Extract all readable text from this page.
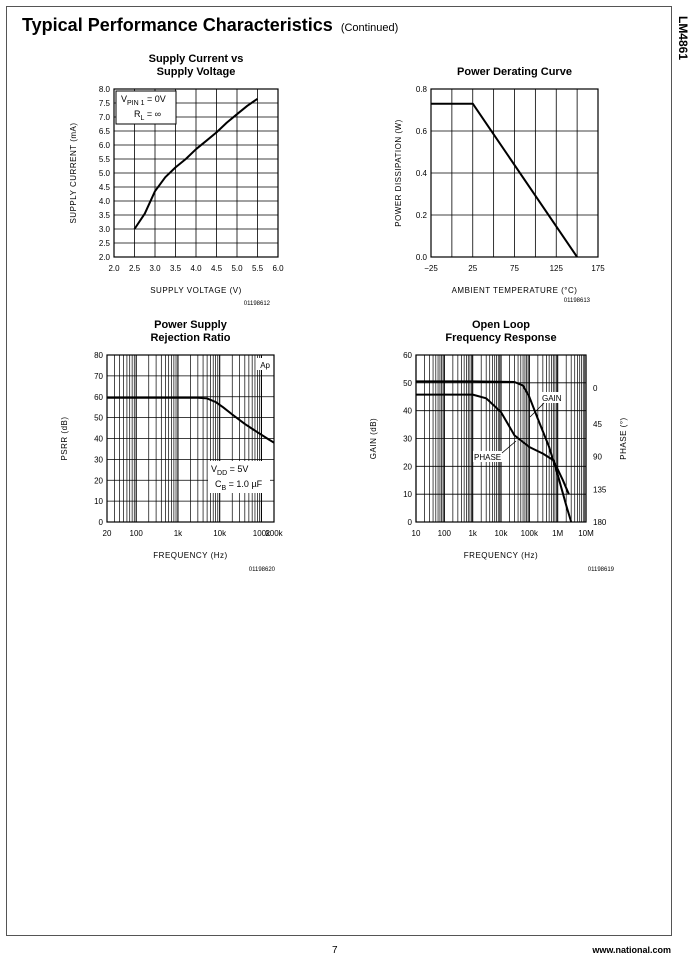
LM4861
Typical Performance Characteristics (Continued)
Supply Current vs
Supply Voltage
2.0
2.5
3.0
3.5
4.0
4.5
5.0
5.5
6.0
6.5
7.0
7.5
8.0
2.0 2.5 3.0 3.5 4.0 4.5 5.0 5.5 6.0
SUPPLY VOLTAGE (V)
SUPPLY CURRENT (mA)
01198612
$V_{PIN 1} = 0V$
$R_L$ = ∞
Power Derating Curve
0.0
0.2
0.4
0.6
0.8
−25	25	75	125	175
AMBIENT TEMPERATURE (°C)
POWER DISSIPATION (W)
01198613
Power Supply
Rejection Ratio
0
10
20
30
40
50
60
70
80
20 100	1k	10k	100k
200k
FREQUENCY (Hz)
PSRR (dB)
01198620
Ap
$V_{DD} = 5V$
$C_B = 1.0$ µF
Open Loop
Frequency Response
0
10
20
30
40
50
60
0
45
90
135
180
10 100 1k 10k 100k 1M 10M
FREQUENCY (Hz)
GAIN (dB)	PHASE (°)
01198619
GAIN
PHASE
7	www.national.com
